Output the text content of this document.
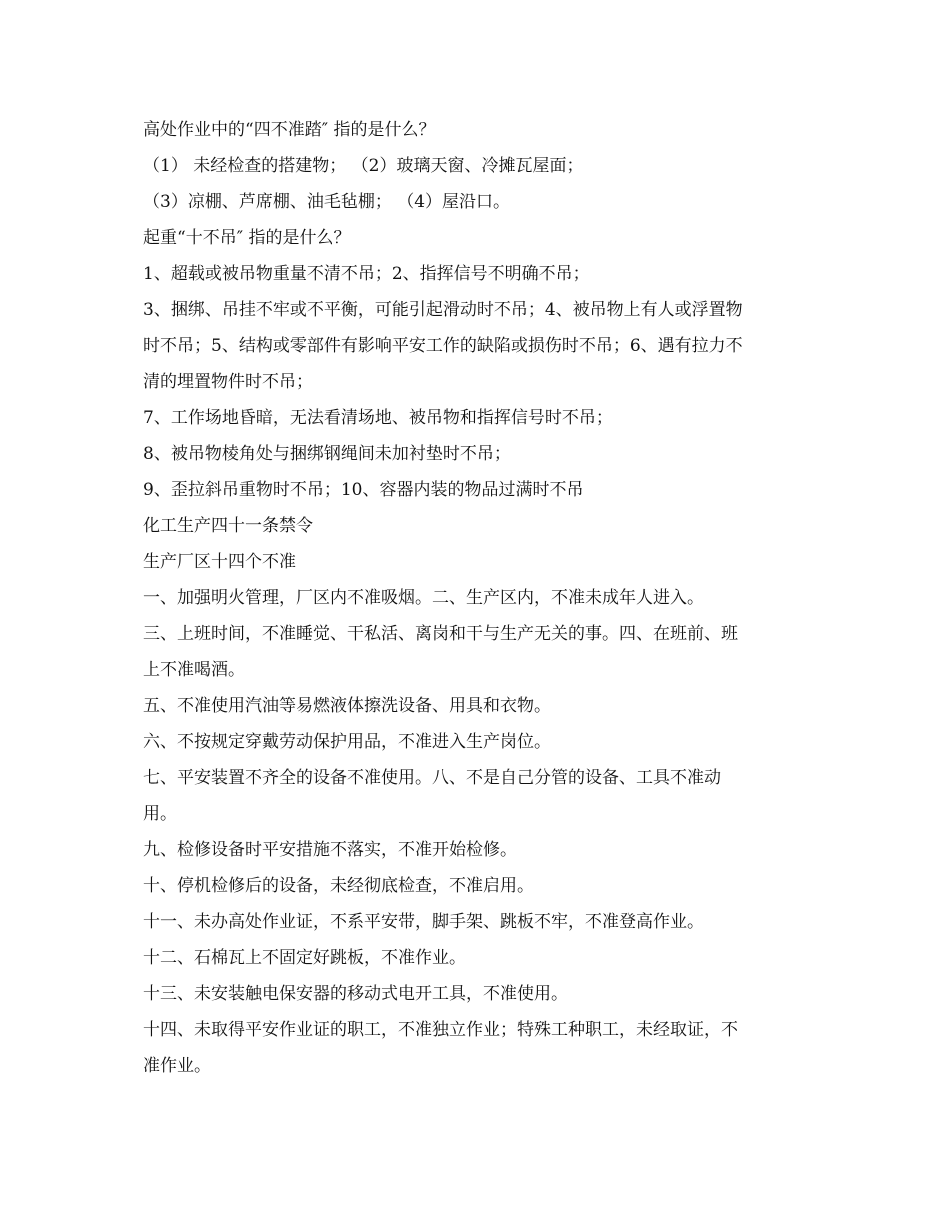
高处作业中的“四不准踏″ 指的是什么？
（1） 未经检查的搭建物； （2）玻璃天窗、冷摊瓦屋面；
（3）凉棚、芦席棚、油毛毡棚； （4）屋沿口。
起重“十不吊″ 指的是什么？
1、超载或被吊物重量不清不吊；2、指挥信号不明确不吊；
3、捆绑、吊挂不牢或不平衡，可能引起滑动时不吊；4、被吊物上有人或浮置物
时不吊；5、结构或零部件有影响平安工作的缺陷或损伤时不吊；6、遇有拉力不
清的埋置物件时不吊；
7、工作场地昏暗，无法看清场地、被吊物和指挥信号时不吊；
8、被吊物棱角处与捆绑钢绳间未加衬垫时不吊；
9、歪拉斜吊重物时不吊；10、容器内装的物品过满时不吊
化工生产四十一条禁令
生产厂区十四个不准
一、加强明火管理，厂区内不准吸烟。二、生产区内，不准未成年人进入。
三、上班时间，不准睡觉、干私活、离岗和干与生产无关的事。四、在班前、班
上不准喝酒。
五、不准使用汽油等易燃液体擦洗设备、用具和衣物。
六、不按规定穿戴劳动保护用品，不准进入生产岗位。
七、平安装置不齐全的设备不准使用。八、不是自己分管的设备、工具不准动
用。
九、检修设备时平安措施不落实，不准开始检修。
十、停机检修后的设备，未经彻底检查，不准启用。
十一、未办高处作业证，不系平安带，脚手架、跳板不牢，不准登高作业。
十二、石棉瓦上不固定好跳板，不准作业。
十三、未安装触电保安器的移动式电开工具，不准使用。
十四、未取得平安作业证的职工，不准独立作业；特殊工种职工，未经取证，不
准作业。
